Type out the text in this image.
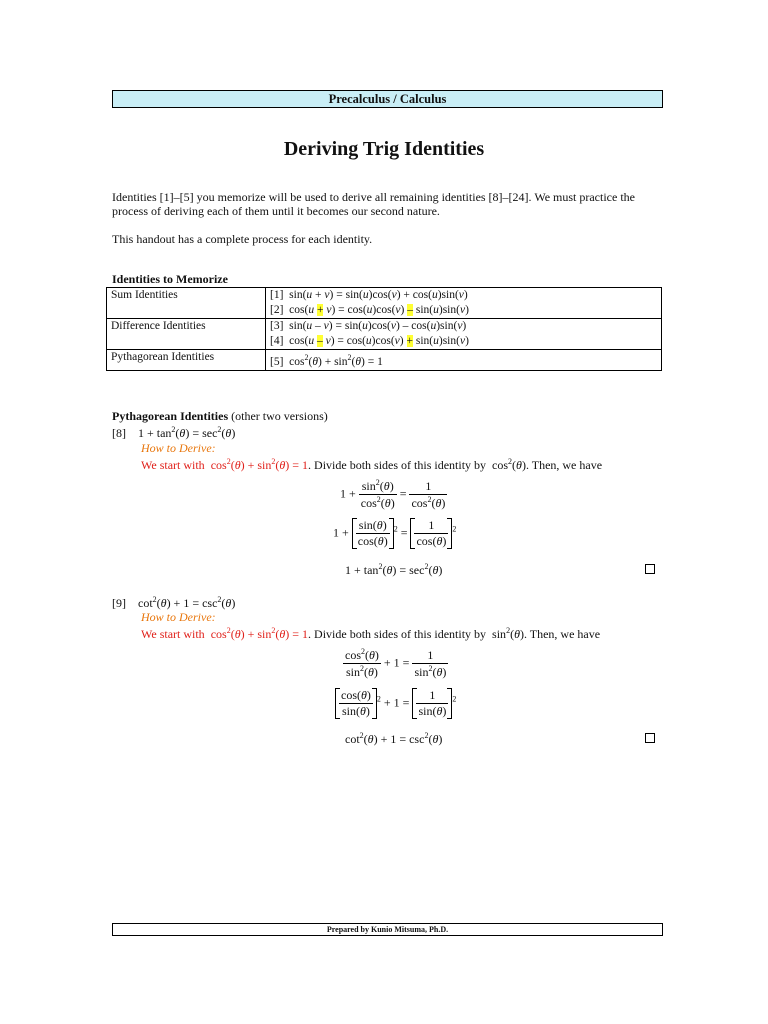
Precalculus / Calculus
Deriving Trig Identities
Identities [1]–[5] you memorize will be used to derive all remaining identities [8]–[24]. We must practice the process of deriving each of them until it becomes our second nature.
This handout has a complete process for each identity.
Identities to Memorize
Sum Identities	[1]  sin(u + v) = sin(u)cos(v) + cos(u)sin(v)
[2]  cos(u + v) = cos(u)cos(v) – sin(u)sin(v)

Difference Identities	[3]  sin(u – v) = sin(u)cos(v) – cos(u)sin(v)
[4]  cos(u – v) = cos(u)cos(v) + sin(u)sin(v)

Pythagorean Identities	[5]  $\cos^2(\theta) + \sin^2(\theta) = 1$
Pythagorean Identities (other two versions)
[8]    $1 + \tan^2(\theta) = \sec^2(\theta)$
How to Derive:
We start with  $\cos^2(\theta) + \sin^2(\theta) = 1$. Divide both sides of this identity by  $\cos^2(\theta)$. Then, we have
$1 + \frac{\sin^2(\theta)}{\cos^2(\theta)} = \frac{1}{\cos^2(\theta)}$
$1 + \frac{\sin(\theta)}{\cos(\theta)} ^2 = \frac{1}{\cos(\theta)} ^2$
$1 + \tan^2(\theta) = \sec^2(\theta)$
[9]    $\cot^2(\theta) + 1 = \csc^2(\theta)$
How to Derive:
We start with  $\cos^2(\theta) + \sin^2(\theta) = 1$. Divide both sides of this identity by  $\sin^2(\theta)$. Then, we have
$\frac{\cos^2(\theta)}{\sin^2(\theta)} + 1 = \frac{1}{\sin^2(\theta)}$
$\frac{\cos(\theta)}{\sin(\theta)} ^2 + 1 = \frac{1}{\sin(\theta)} ^2$
$\cot^2(\theta) + 1 = \csc^2(\theta)$
Prepared by Kunio Mitsuma, Ph.D.
